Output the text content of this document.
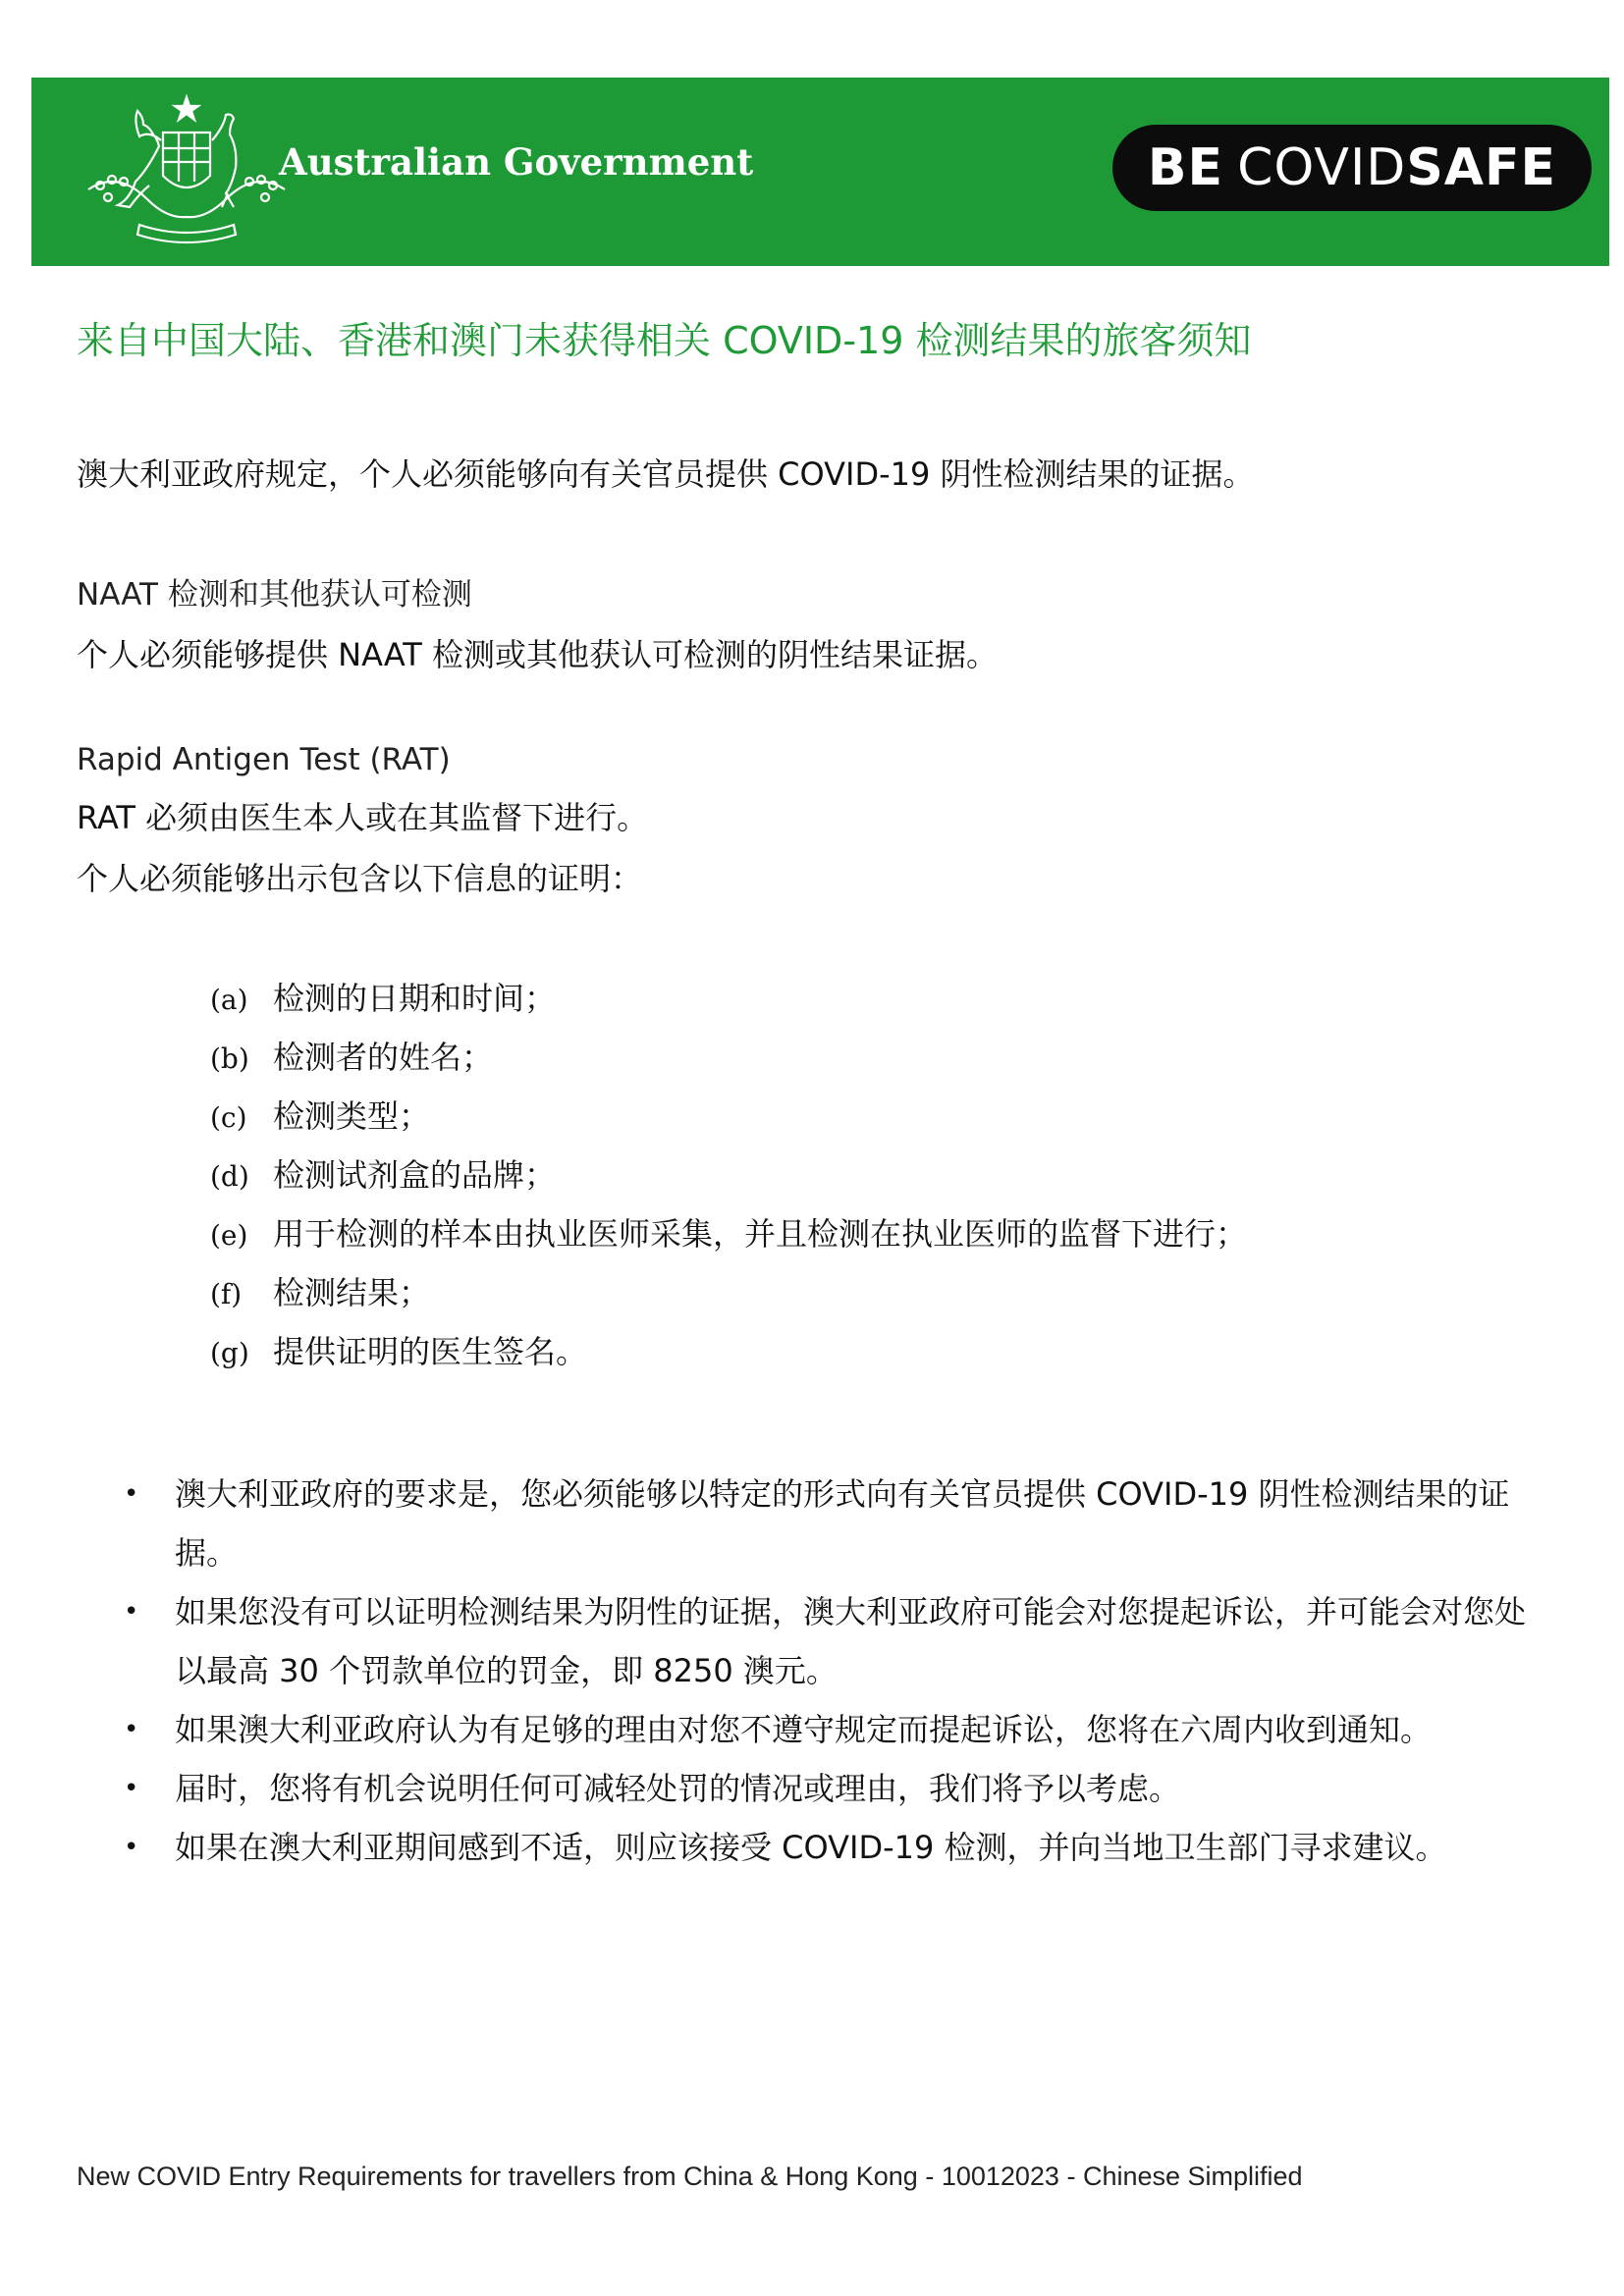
Australian Government	BE COVID SAFE
来自中国大陆、香港和澳门未获得相关 COVID-19 检测结果的旅客须知
澳大利亚政府规定，个人必须能够向有关官员提供 COVID-19 阴性检测结果的证据。
NAAT 检测和其他获认可检测
个人必须能够提供 NAAT 检测或其他获认可检测的阴性结果证据。
Rapid Antigen Test (RAT)
RAT 必须由医生本人或在其监督下进行。
个人必须能够出示包含以下信息的证明：
(a) 检测的日期和时间；
(b) 检测者的姓名；
(c) 检测类型；
(d) 检测试剂盒的品牌；
(e) 用于检测的样本由执业医师采集，并且检测在执业医师的监督下进行；
(f) 检测结果；
(g) 提供证明的医生签名。
• 澳大利亚政府的要求是，您必须能够以特定的形式向有关官员提供 COVID-19 阴性检测结果的证据。
• 如果您没有可以证明检测结果为阴性的证据，澳大利亚政府可能会对您提起诉讼，并可能会对您处以最高 30 个罚款单位的罚金，即 8250 澳元。
• 如果澳大利亚政府认为有足够的理由对您不遵守规定而提起诉讼，您将在六周内收到通知。
• 届时，您将有机会说明任何可减轻处罚的情况或理由，我们将予以考虑。
• 如果在澳大利亚期间感到不适，则应该接受 COVID-19 检测，并向当地卫生部门寻求建议。
New COVID Entry Requirements for travellers from China & Hong Kong - 10012023 - Chinese Simplified
